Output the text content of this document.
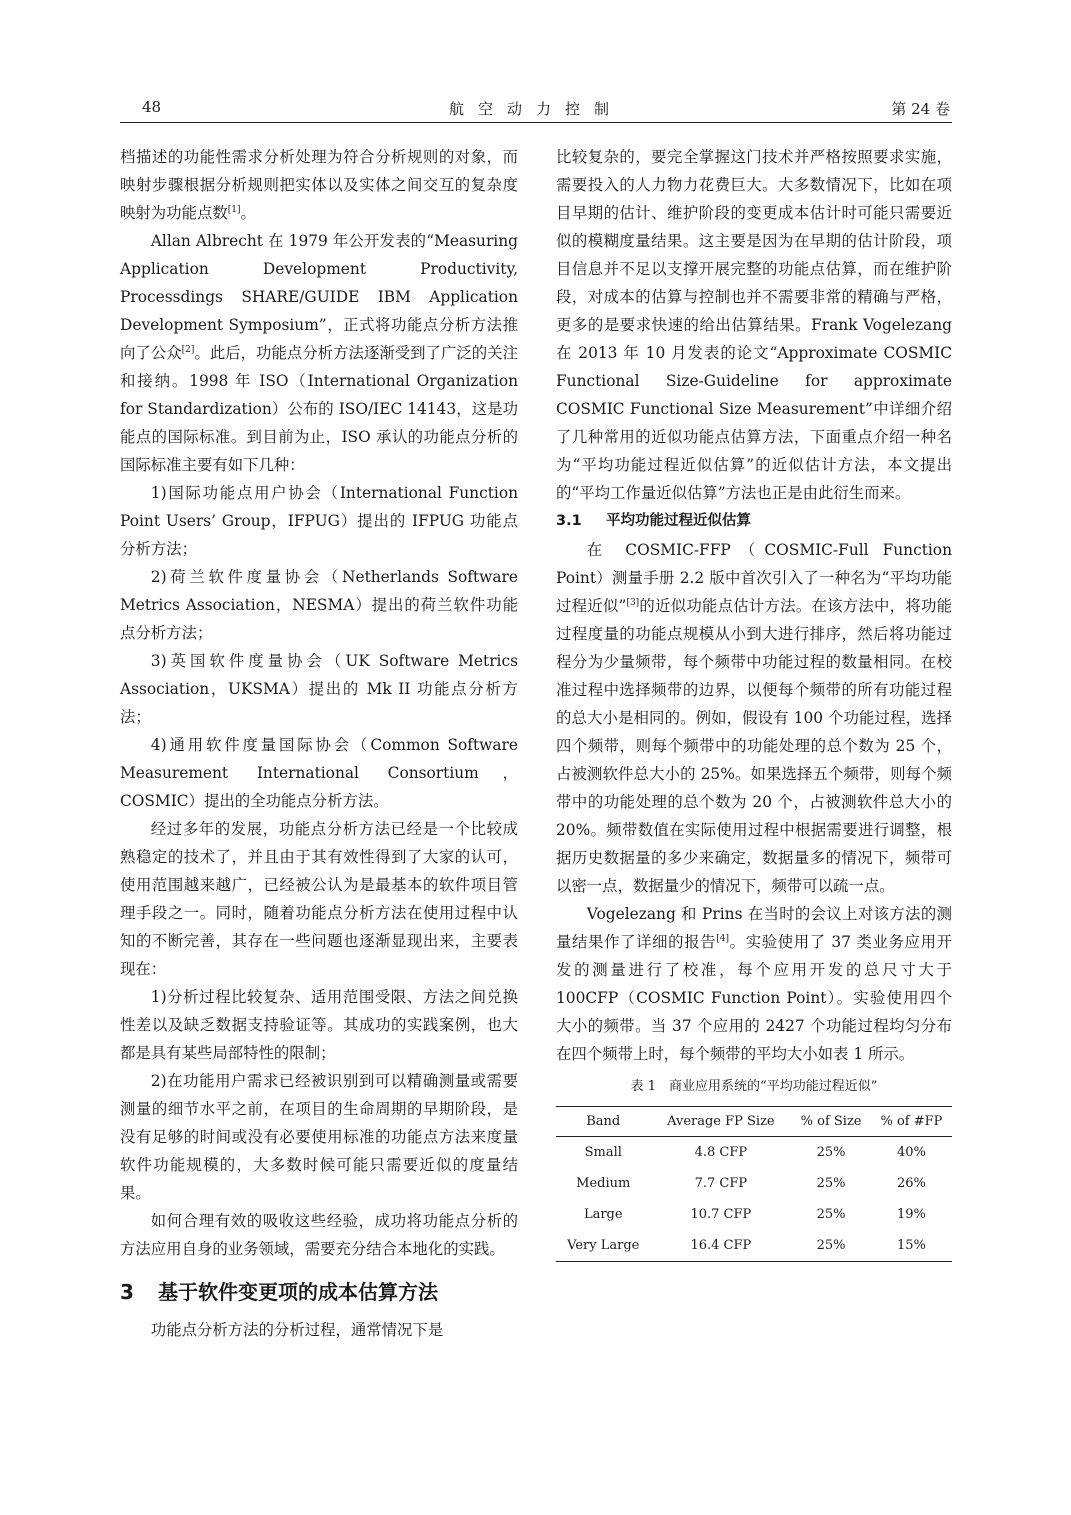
48	航空动力控制	第 24 卷

档描述的功能性需求分析处理为符合分析规则的对象，而映射步骤根据分析规则把实体以及实体之间交互的复杂度映射为功能点数[1]。

Allan Albrecht 在 1979 年公开发表的“Measuring Application Development Productivity, Processdings SHARE/GUIDE IBM Application Development Symposium”，正式将功能点分析方法推向了公众[2]。此后，功能点分析方法逐渐受到了广泛的关注和接纳。1998 年 ISO（International Organization for Standardization）公布的 ISO/IEC 14143，这是功能点的国际标准。到目前为止，ISO 承认的功能点分析的国际标准主要有如下几种：

1)国际功能点用户协会（International Function Point Users’ Group，IFPUG）提出的 IFPUG 功能点分析方法；

2)荷兰软件度量协会（Netherlands Software Metrics Association，NESMA）提出的荷兰软件功能点分析方法；

3)英国软件度量协会（UK Software Metrics Association，UKSMA）提出的 Mk II 功能点分析方法；

4)通用软件度量国际协会（Common Software Measurement International Consortium，COSMIC）提出的全功能点分析方法。

经过多年的发展，功能点分析方法已经是一个比较成熟稳定的技术了，并且由于其有效性得到了大家的认可，使用范围越来越广，已经被公认为是最基本的软件项目管理手段之一。同时，随着功能点分析方法在使用过程中认知的不断完善，其存在一些问题也逐渐显现出来，主要表现在：

1)分析过程比较复杂、适用范围受限、方法之间兑换性差以及缺乏数据支持验证等。其成功的实践案例，也大都是具有某些局部特性的限制；

2)在功能用户需求已经被识别到可以精确测量或需要测量的细节水平之前，在项目的生命周期的早期阶段，是没有足够的时间或没有必要使用标准的功能点方法来度量软件功能规模的，大多数时候可能只需要近似的度量结果。

如何合理有效的吸收这些经验，成功将功能点分析的方法应用自身的业务领域，需要充分结合本地化的实践。

3 基于软件变更项的成本估算方法

功能点分析方法的分析过程，通常情况下是

比较复杂的，要完全掌握这门技术并严格按照要求实施，需要投入的人力物力花费巨大。大多数情况下，比如在项目早期的估计、维护阶段的变更成本估计时可能只需要近似的模糊度量结果。这主要是因为在早期的估计阶段，项目信息并不足以支撑开展完整的功能点估算，而在维护阶段，对成本的估算与控制也并不需要非常的精确与严格，更多的是要求快速的给出估算结果。Frank Vogelezang 在 2013 年 10 月发表的论文“Approximate COSMIC Functional Size-Guideline for approximate COSMIC Functional Size Measurement”中详细介绍了几种常用的近似功能点估算方法，下面重点介绍一种名为“平均功能过程近似估算”的近似估计方法，本文提出的“平均工作量近似估算”方法也正是由此衍生而来。

3.1 平均功能过程近似估算

在 COSMIC-FFP（COSMIC-Full Function Point）测量手册 2.2 版中首次引入了一种名为“平均功能过程近似”[3]的近似功能点估计方法。在该方法中，将功能过程度量的功能点规模从小到大进行排序，然后将功能过程分为少量频带，每个频带中功能过程的数量相同。在校准过程中选择频带的边界，以便每个频带的所有功能过程的总大小是相同的。例如，假设有 100 个功能过程，选择四个频带，则每个频带中的功能处理的总个数为 25 个，占被测软件总大小的 25%。如果选择五个频带，则每个频带中的功能处理的总个数为 20 个，占被测软件总大小的 20%。频带数值在实际使用过程中根据需要进行调整，根据历史数据量的多少来确定，数据量多的情况下，频带可以密一点，数据量少的情况下，频带可以疏一点。

Vogelezang 和 Prins 在当时的会议上对该方法的测量结果作了详细的报告[4]。实验使用了 37 类业务应用开发的测量进行了校准，每个应用开发的总尺寸大于 100CFP（COSMIC Function Point）。实验使用四个大小的频带。当 37 个应用的 2427 个功能过程均匀分布在四个频带上时，每个频带的平均大小如表 1 所示。

表 1　商业应用系统的“平均功能过程近似”
Band	Average FP Size	% of Size	% of #FP
Small	4.8 CFP	25%	40%
Medium	7.7 CFP	25%	26%
Large	10.7 CFP	25%	19%
Very Large	16.4 CFP	25%	15%
